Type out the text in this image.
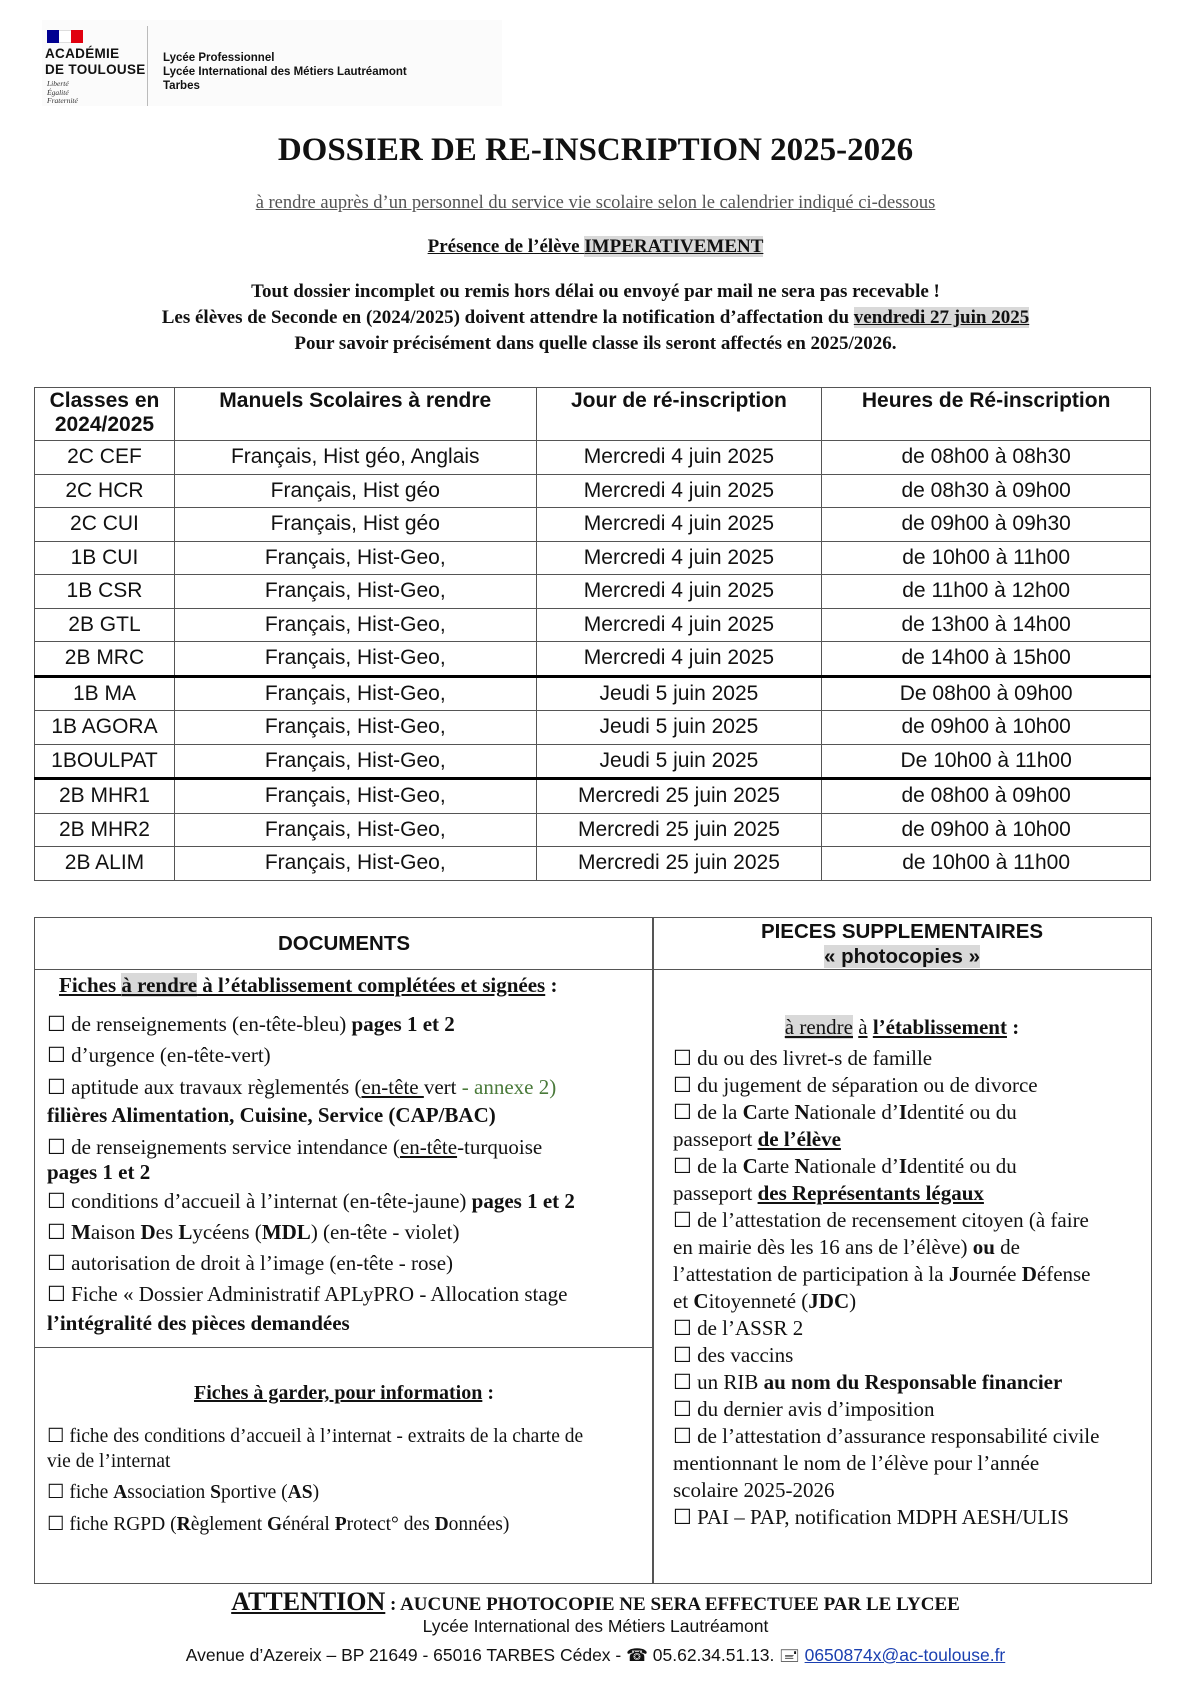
ACADÉMIE
DE TOULOUSE
Liberté
Égalité
Fraternité
Lycée Professionnel
Lycée International des Métiers Lautréamont
Tarbes
DOSSIER DE RE-INSCRIPTION 2025-2026
à rendre auprès d’un personnel du service vie scolaire selon le calendrier indiqué ci-dessous
Présence de l’élève IMPERATIVEMENT
Tout dossier incomplet ou remis hors délai ou envoyé par mail ne sera pas recevable !
Les élèves de Seconde en (2024/2025) doivent attendre la notification d’affectation du vendredi 27 juin 2025
Pour savoir précisément dans quelle classe ils seront affectés en 2025/2026.
Classes en 2024/2025	Manuels Scolaires à rendre	Jour de ré-inscription	Heures de Ré-inscription
2C CEF	Français, Hist géo, Anglais	Mercredi 4 juin 2025	de 08h00 à 08h30
2C HCR	Français, Hist géo	Mercredi 4 juin 2025	de 08h30 à 09h00
2C CUI	Français, Hist géo	Mercredi 4 juin 2025	de 09h00 à 09h30
1B CUI	Français, Hist-Geo,	Mercredi 4 juin 2025	de 10h00 à 11h00
1B CSR	Français, Hist-Geo,	Mercredi 4 juin 2025	de 11h00 à 12h00
2B GTL	Français, Hist-Geo,	Mercredi 4 juin 2025	de 13h00 à 14h00
2B MRC	Français, Hist-Geo,	Mercredi 4 juin 2025	de 14h00 à 15h00
1B MA	Français, Hist-Geo,	Jeudi 5 juin 2025	De 08h00 à 09h00
1B AGORA	Français, Hist-Geo,	Jeudi 5 juin 2025	de 09h00 à 10h00
1BOULPAT	Français, Hist-Geo,	Jeudi 5 juin 2025	De 10h00 à 11h00
2B MHR1	Français, Hist-Geo,	Mercredi 25 juin 2025	de 08h00 à 09h00
2B MHR2	Français, Hist-Geo,	Mercredi 25 juin 2025	de 09h00 à 10h00
2B ALIM	Français, Hist-Geo,	Mercredi 25 juin 2025	de 10h00 à 11h00
DOCUMENTS
Fiches à rendre à l’établissement complétées et signées :
☐ de renseignements (en-tête-bleu) pages 1 et 2
☐ d’urgence (en-tête-vert)
☐ aptitude aux travaux règlementés (en-tête vert - annexe 2)
filières Alimentation, Cuisine, Service (CAP/BAC)
☐ de renseignements service intendance (en-tête-turquoise
pages 1 et 2
☐ conditions d’accueil à l’internat (en-tête-jaune) pages 1 et 2
☐ Maison Des Lycéens (MDL) (en-tête - violet)
☐ autorisation de droit à l’image (en-tête - rose)
☐ Fiche « Dossier Administratif APLyPRO - Allocation stage
l’intégralité des pièces demandées
Fiches à garder, pour information :
☐ fiche des conditions d’accueil à l’internat - extraits de la charte de
vie de l’internat
☐ fiche Association Sportive (AS)
☐ fiche RGPD (Règlement Général Protect° des Données)
PIECES SUPPLEMENTAIRES
« photocopies »
à rendre à l’établissement :
☐ du ou des livret-s de famille
☐ du jugement de séparation ou de divorce
☐ de la Carte Nationale d’Identité ou du
passeport de l’élève
☐ de la Carte Nationale d’Identité ou du
passeport des Représentants légaux
☐ de l’attestation de recensement citoyen (à faire
en mairie dès les 16 ans de l’élève) ou de
l’attestation de participation à la Journée Défense
et Citoyenneté (JDC)
☐ de l’ASSR 2
☐ des vaccins
☐ un RIB au nom du Responsable financier
☐ du dernier avis d’imposition
☐ de l’attestation d’assurance responsabilité civile
mentionnant le nom de l’élève pour l’année
scolaire 2025-2026
☐ PAI – PAP, notification MDPH AESH/ULIS
ATTENTION : AUCUNE PHOTOCOPIE NE SERA EFFECTUEE PAR LE LYCEE
Lycée International des Métiers Lautréamont
Avenue d’Azereix – BP 21649 - 65016 TARBES Cédex - ☎ 05.62.34.51.13. 🖃 0650874x@ac-toulouse.fr
